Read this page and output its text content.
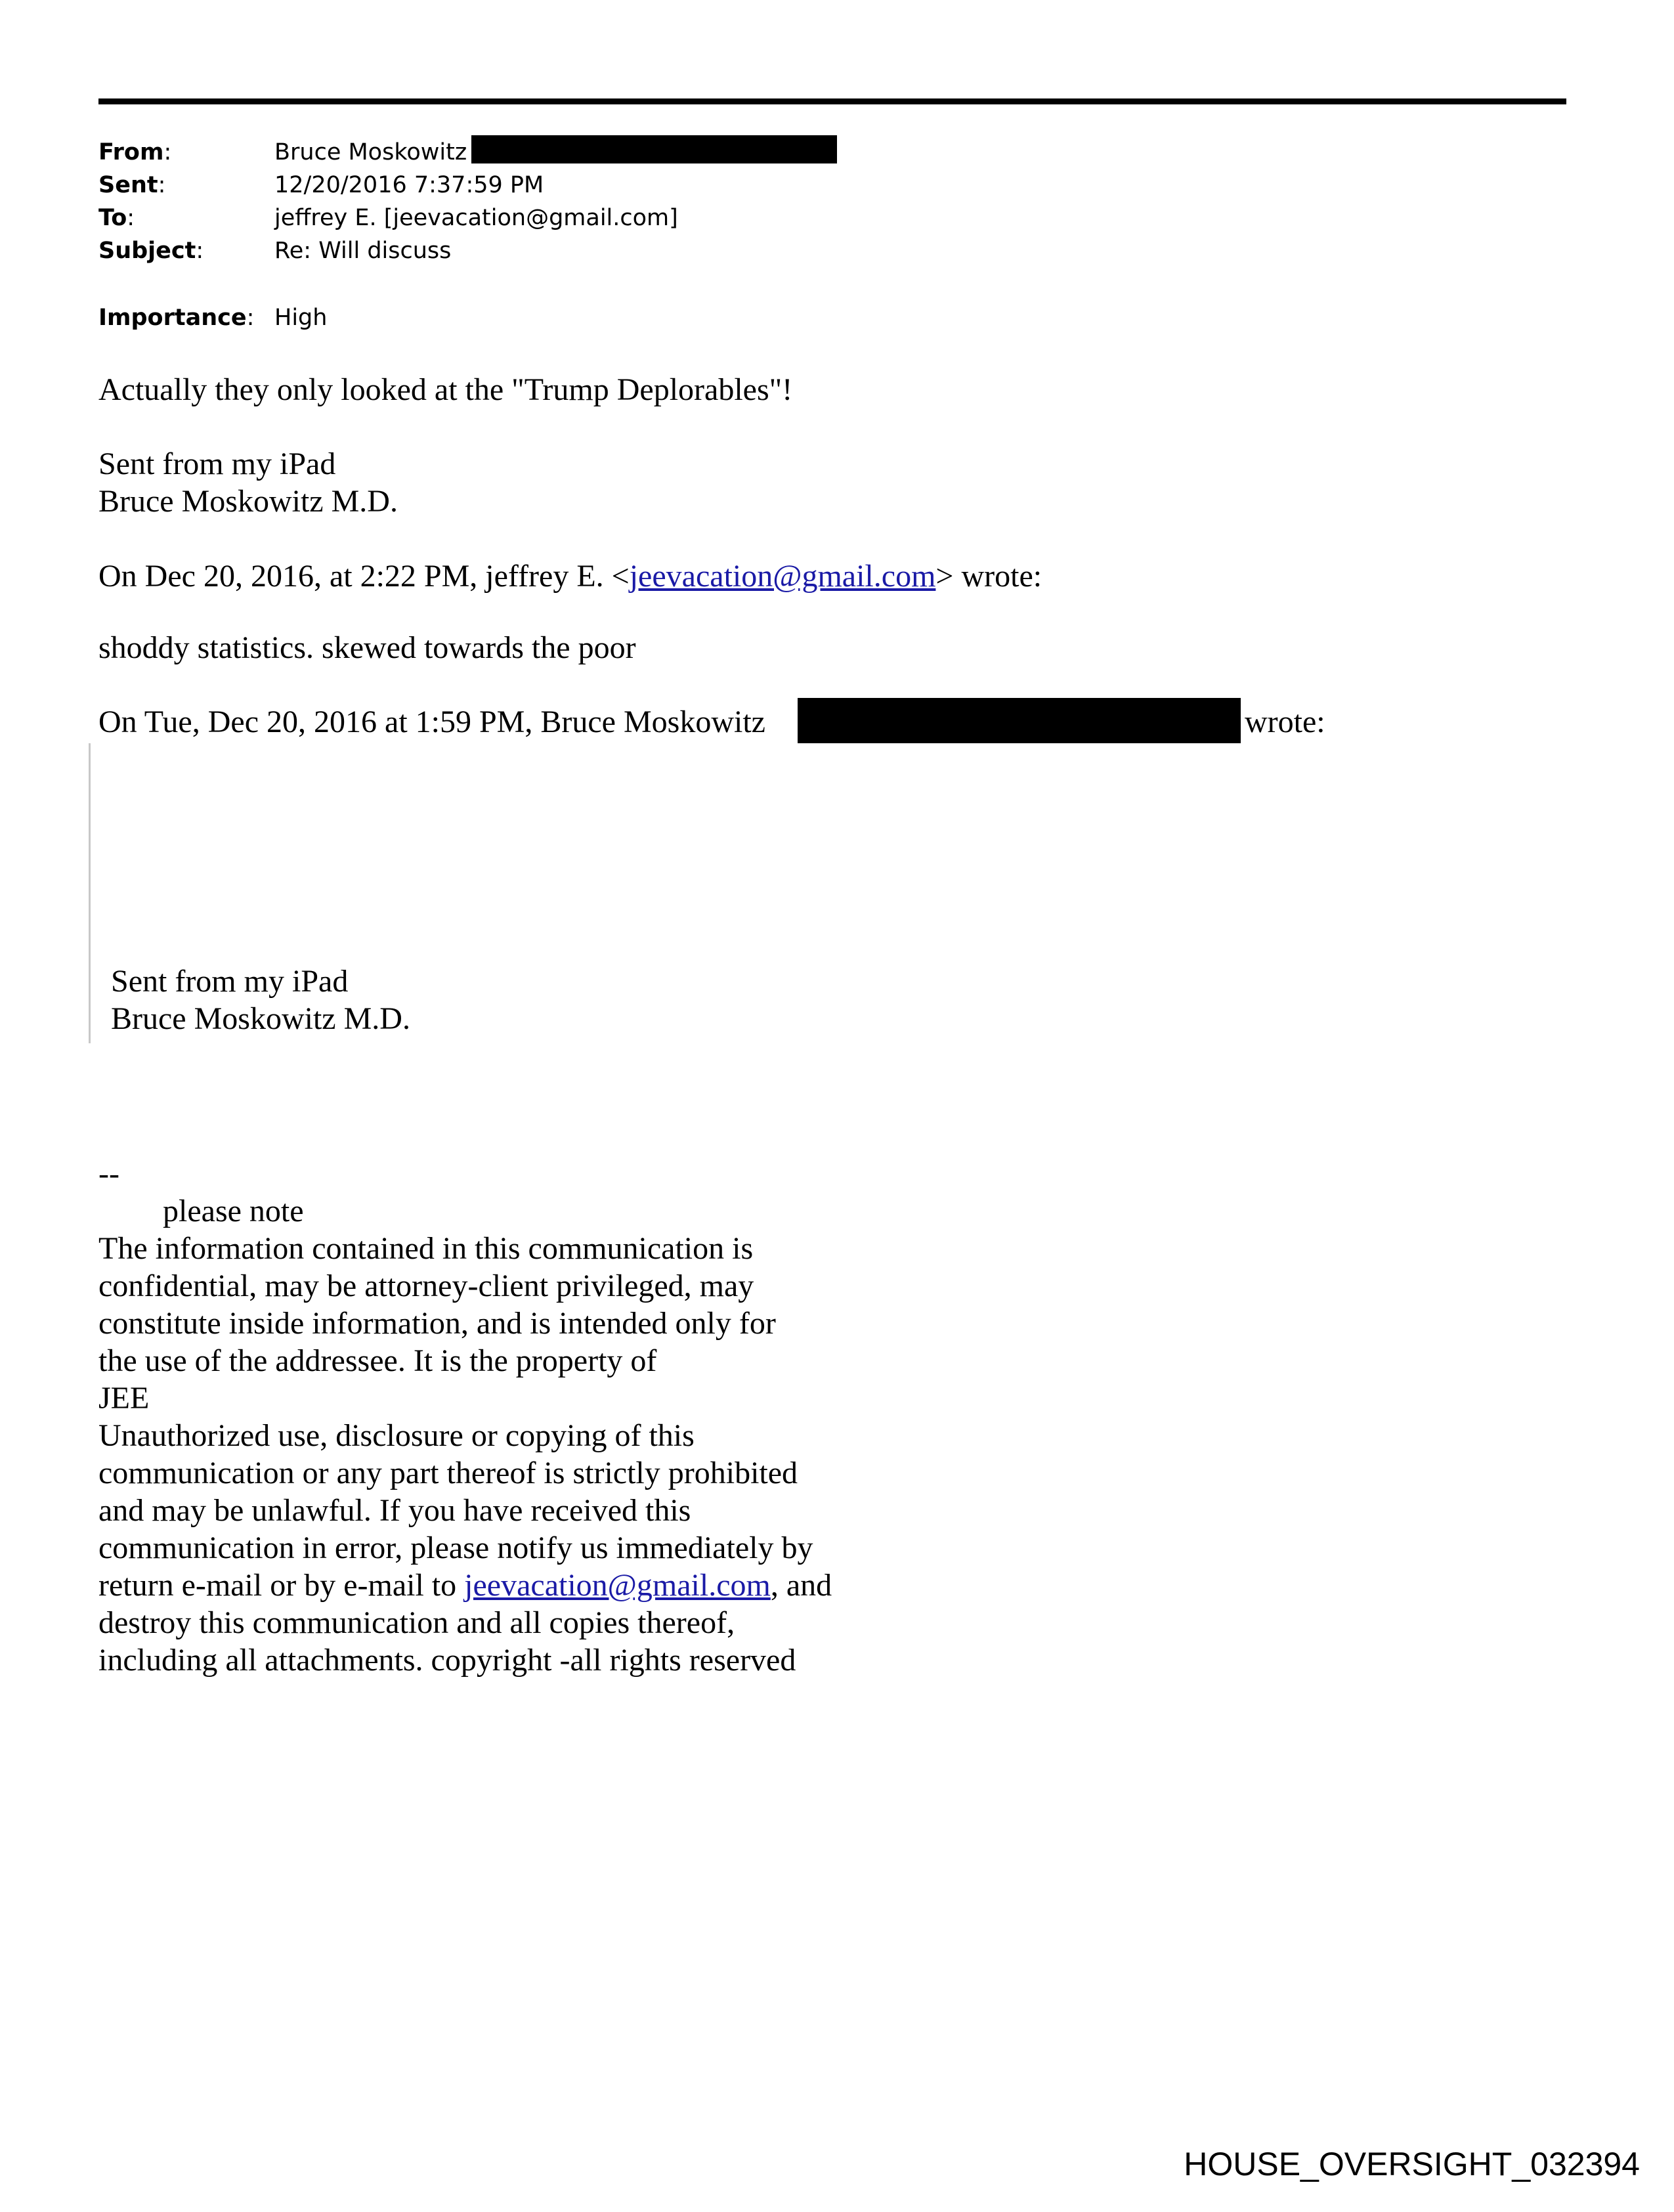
From:	Bruce Moskowitz
Sent:	12/20/2016 7:37:59 PM
To:	jeffrey E. [jeevacation@gmail.com]
Subject:	Re: Will discuss
Importance: High
Actually they only looked at the "Trump Deplorables"!
Sent from my iPad
Bruce Moskowitz M.D.
On Dec 20, 2016, at 2:22 PM, jeffrey E. <jeevacation@gmail.com> wrote:
shoddy statistics. skewed towards the poor
On Tue, Dec 20, 2016 at 1:59 PM, Bruce Moskowitz	wrote:
Sent from my iPad
Bruce Moskowitz M.D.
--
please note
The information contained in this communication is
confidential, may be attorney-client privileged, may
constitute inside information, and is intended only for
the use of the addressee. It is the property of
JEE
Unauthorized use, disclosure or copying of this
communication or any part thereof is strictly prohibited
and may be unlawful. If you have received this
communication in error, please notify us immediately by
return e-mail or by e-mail to jeevacation@gmail.com, and
destroy this communication and all copies thereof,
including all attachments. copyright -all rights reserved
HOUSE_OVERSIGHT_032394
